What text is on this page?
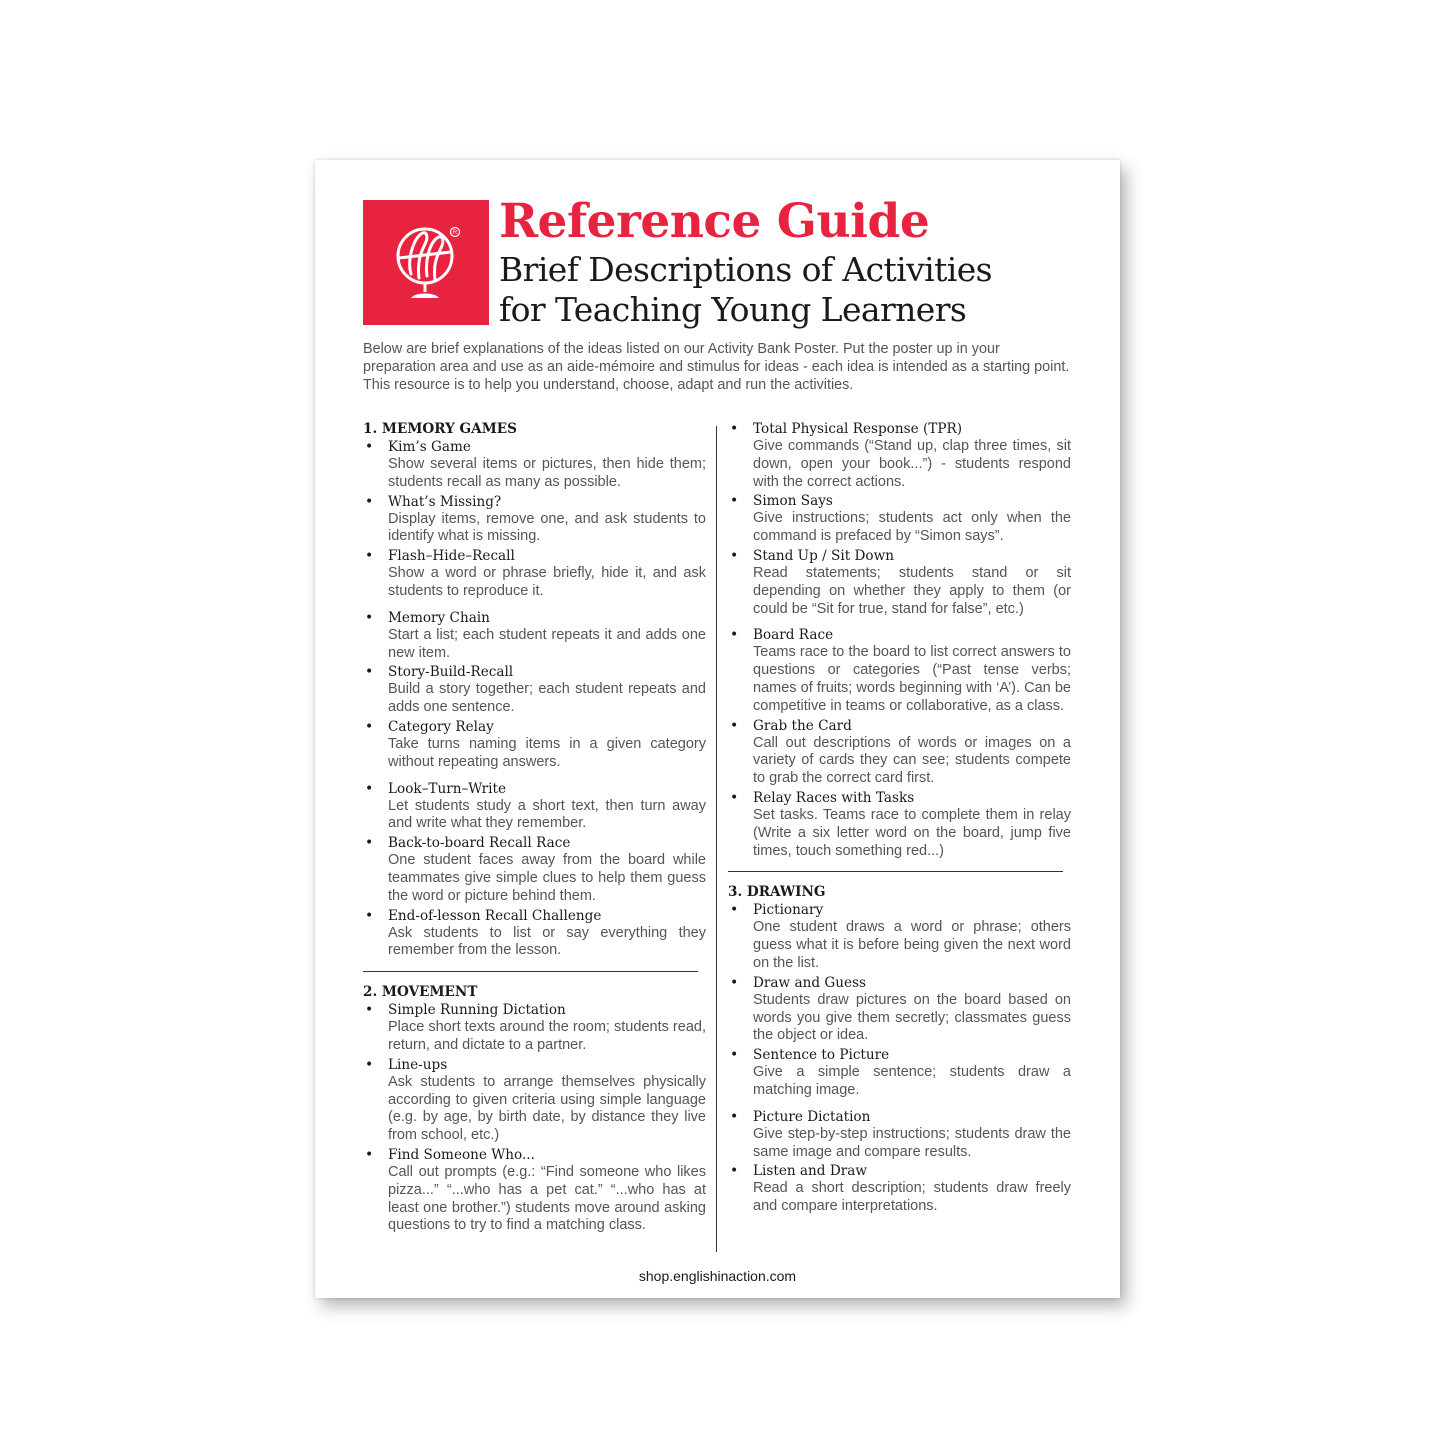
R Reference Guide
Brief Descriptions of Activities
for Teaching Young Learners

Below are brief explanations of the ideas listed on our Activity Bank Poster. Put the poster up in your preparation area and use as an aide-mémoire and stimulus for ideas - each idea is intended as a starting point. This resource is to help you understand, choose, adapt and run the activities.

1. MEMORY GAMES
• Kim’s Game
Show several items or pictures, then hide them; students recall as many as possible.
• What’s Missing?
Display items, remove one, and ask students to identify what is missing.
• Flash–Hide–Recall
Show a word or phrase briefly, hide it, and ask students to reproduce it.
• Memory Chain
Start a list; each student repeats it and adds one new item.
• Story-Build-Recall
Build a story together; each student repeats and adds one sentence.
• Category Relay
Take turns naming items in a given category without repeating answers.
• Look–Turn–Write
Let students study a short text, then turn away and write what they remember.
• Back-to-board Recall Race
One student faces away from the board while teammates give simple clues to help them guess the word or picture behind them.
• End-of-lesson Recall Challenge
Ask students to list or say everything they remember from the lesson.
2. MOVEMENT
• Simple Running Dictation
Place short texts around the room; students read, return, and dictate to a partner.
• Line-ups
Ask students to arrange themselves physically according to given criteria using simple language (e.g. by age, by birth date, by distance they live from school, etc.)
• Find Someone Who...
Call out prompts (e.g.: “Find someone who likes pizza...” “...who has a pet cat.” “...who has at least one brother.”) students move around asking questions to try to find a matching class.
• Total Physical Response (TPR)
Give commands (“Stand up, clap three times, sit down, open your book...”) - students respond with the correct actions.
• Simon Says
Give instructions; students act only when the command is prefaced by “Simon says”.
• Stand Up / Sit Down
Read statements; students stand or sit depending on whether they apply to them (or could be “Sit for true, stand for false”, etc.)
• Board Race
Teams race to the board to list correct answers to questions or categories (“Past tense verbs; names of fruits; words beginning with ‘A’). Can be competitive in teams or collaborative, as a class.
• Grab the Card
Call out descriptions of words or images on a variety of cards they can see; students compete to grab the correct card first.
• Relay Races with Tasks
Set tasks. Teams race to complete them in relay (Write a six letter word on the board, jump five times, touch something red...)
3. DRAWING
• Pictionary
One student draws a word or phrase; others guess what it is before being given the next word on the list.
• Draw and Guess
Students draw pictures on the board based on words you give them secretly; classmates guess the object or idea.
• Sentence to Picture
Give a simple sentence; students draw a matching image.
• Picture Dictation
Give step-by-step instructions; students draw the same image and compare results.
• Listen and Draw
Read a short description; students draw freely and compare interpretations.

shop.englishinaction.com
